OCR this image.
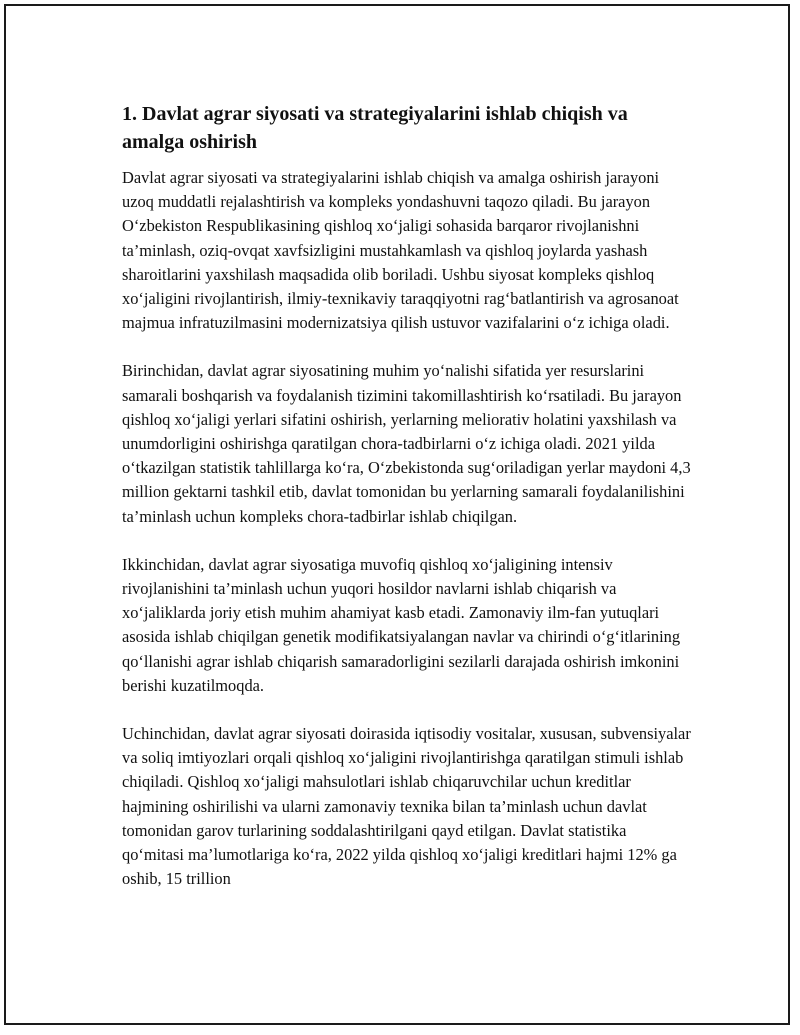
1. Davlat agrar siyosati va strategiyalarini ishlab chiqish va amalga oshirish

Davlat agrar siyosati va strategiyalarini ishlab chiqish va amalga oshirish jarayoni uzoq muddatli rejalashtirish va kompleks yondashuvni taqozo qiladi. Bu jarayon O‘zbekiston Respublikasining qishloq xo‘jaligi sohasida barqaror rivojlanishni ta’minlash, oziq-ovqat xavfsizligini mustahkamlash va qishloq joylarda yashash sharoitlarini yaxshilash maqsadida olib boriladi. Ushbu siyosat kompleks qishloq xo‘jaligini rivojlantirish, ilmiy-texnikaviy taraqqiyotni rag‘batlantirish va agrosanoat majmua infratuzilmasini modernizatsiya qilish ustuvor vazifalarini o‘z ichiga oladi.

Birinchidan, davlat agrar siyosatining muhim yo‘nalishi sifatida yer resurslarini samarali boshqarish va foydalanish tizimini takomillashtirish ko‘rsatiladi. Bu jarayon qishloq xo‘jaligi yerlari sifatini oshirish, yerlarning meliorativ holatini yaxshilash va unumdorligini oshirishga qaratilgan chora-tadbirlarni o‘z ichiga oladi. 2021 yilda o‘tkazilgan statistik tahlillarga ko‘ra, O‘zbekistonda sug‘oriladigan yerlar maydoni 4,3 million gektarni tashkil etib, davlat tomonidan bu yerlarning samarali foydalanilishini ta’minlash uchun kompleks chora-tadbirlar ishlab chiqilgan.

Ikkinchidan, davlat agrar siyosatiga muvofiq qishloq xo‘jaligining intensiv rivojlanishini ta’minlash uchun yuqori hosildor navlarni ishlab chiqarish va xo‘jaliklarda joriy etish muhim ahamiyat kasb etadi. Zamonaviy ilm-fan yutuqlari asosida ishlab chiqilgan genetik modifikatsiyalangan navlar va chirindi o‘g‘itlarining qo‘llanishi agrar ishlab chiqarish samaradorligini sezilarli darajada oshirish imkonini berishi kuzatilmoqda.

Uchinchidan, davlat agrar siyosati doirasida iqtisodiy vositalar, xususan, subvensiyalar va soliq imtiyozlari orqali qishloq xo‘jaligini rivojlantirishga qaratilgan stimuli ishlab chiqiladi. Qishloq xo‘jaligi mahsulotlari ishlab chiqaruvchilar uchun kreditlar hajmining oshirilishi va ularni zamonaviy texnika bilan ta’minlash uchun davlat tomonidan garov turlarining soddalashtirilgani qayd etilgan. Davlat statistika qo‘mitasi ma’lumotlariga ko‘ra, 2022 yilda qishloq xo‘jaligi kreditlari hajmi 12% ga oshib, 15 trillion
